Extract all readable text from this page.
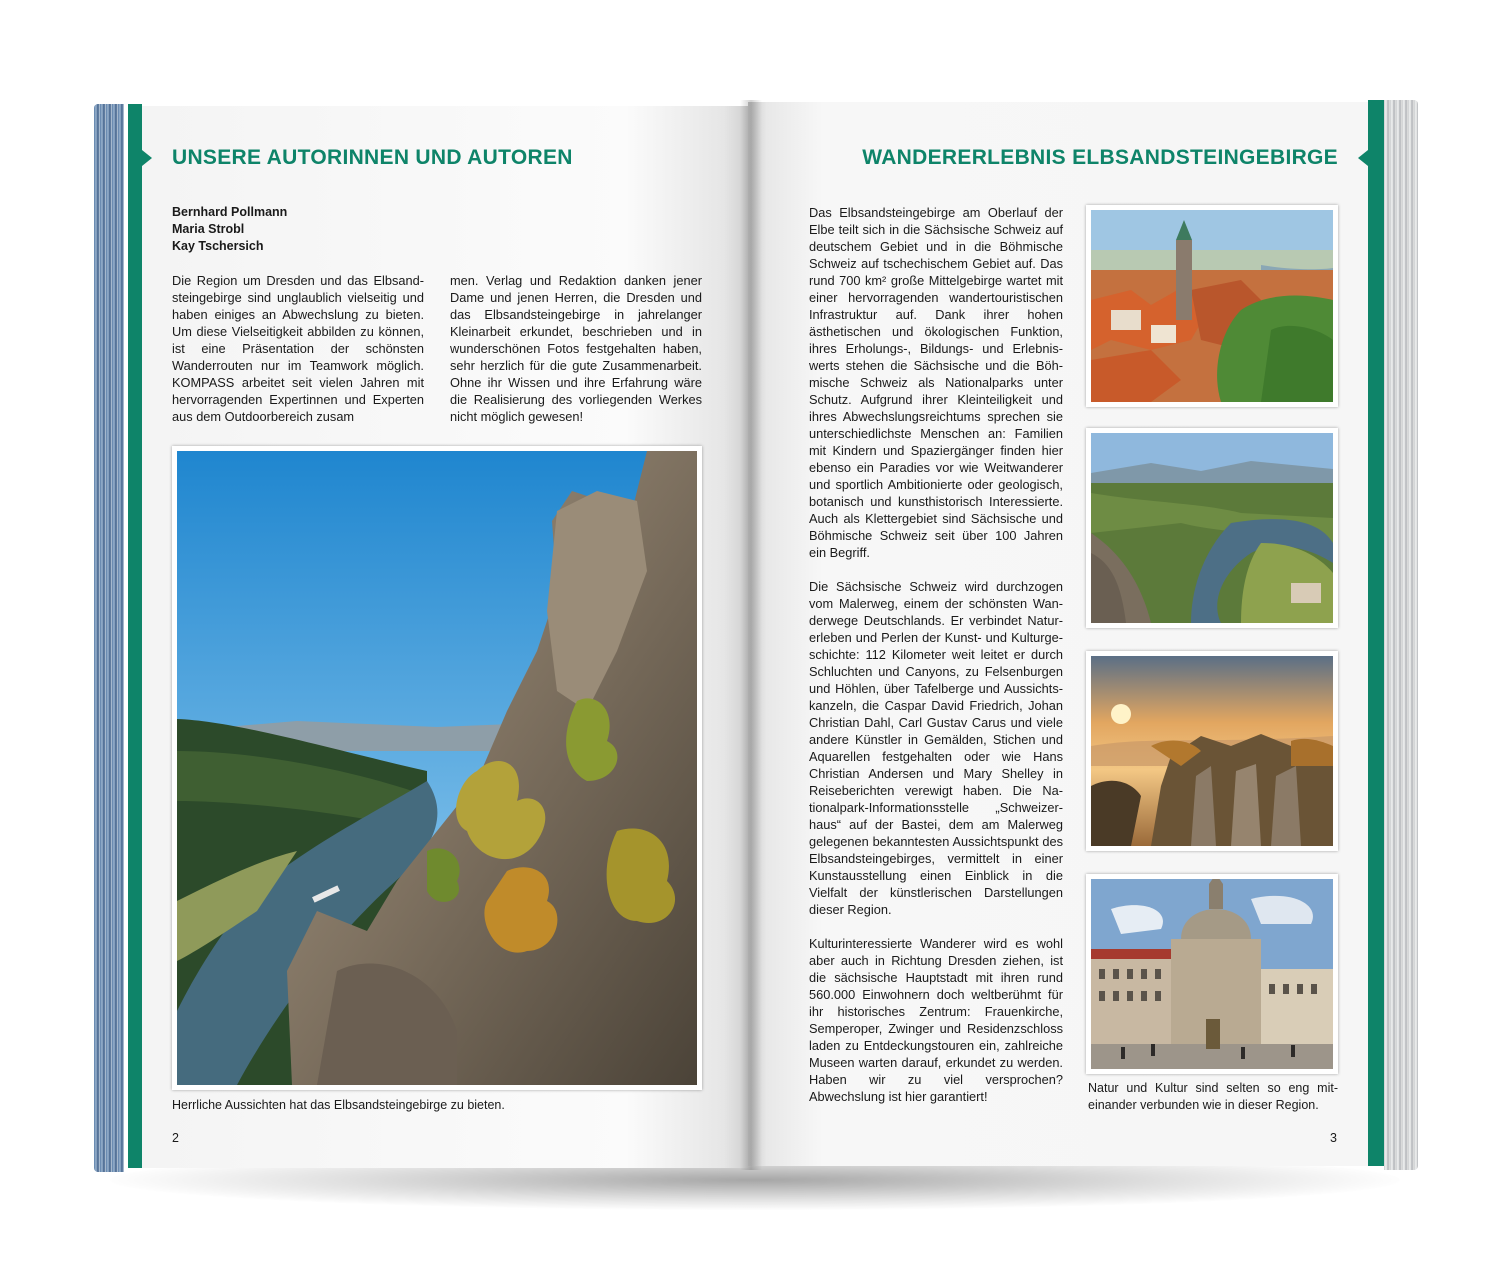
UNSERE AUTORINNEN UND AUTOREN
Bernhard Pollmann
Maria Strobl
Kay Tschersich

Die Region um Dresden und das Elbsandsteingebirge sind unglaublich vielseitig und haben einiges an Abwechslung zu bieten. Um diese Vielseitigkeit abbilden zu können, ist eine Präsentation der schönsten Wanderrouten nur im Teamwork möglich. KOMPASS arbeitet seit vielen Jahren mit hervorragenden Expertinnen und Experten aus dem Outdoorbereich zusam

men. Verlag und Redaktion danken jener Dame und jenen Herren, die Dresden und das Elbsandsteingebirge in jahrelanger Kleinarbeit erkundet, beschrieben und in wunderschönen Fotos festgehalten haben, sehr herzlich für die gute Zusammenarbeit. Ohne ihr Wissen und ihre Erfahrung wäre die Realisierung des vorliegenden Werkes nicht möglich gewesen!

Herrliche Aussichten hat das Elbsandsteingebirge zu bieten.
2
WANDERERLEBNIS ELBSANDSTEINGEBIRGE

Das Elbsandsteingebirge am Oberlauf der Elbe teilt sich in die Sächsische Schweiz auf deutschem Gebiet und in die Böhmische Schweiz auf tschechischem Gebiet auf. Das rund 700 km² große Mittelgebirge wartet mit einer hervorragenden wandertouristischen Infrastruktur auf. Dank ihrer hohen ästhetischen und ökologischen Funktion, ihres Erholungs-, Bildungs- und Erlebniswerts stehen die Sächsische und die Böhmische Schweiz als Nationalparks unter Schutz. Aufgrund ihrer Kleinteiligkeit und ihres Abwechslungsreichtums sprechen sie unterschiedlichste Menschen an: Familien mit Kindern und Spaziergänger finden hier ebenso ein Paradies vor wie Weitwanderer und sportlich Ambitionierte oder geologisch, botanisch und kunsthistorisch Interessierte. Auch als Klettergebiet sind Sächsische und Böhmische Schweiz seit über 100 Jahren ein Begriff.

Die Sächsische Schweiz wird durchzogen vom Malerweg, einem der schönsten Wanderwege Deutschlands. Er verbindet Naturerleben und Perlen der Kunst- und Kulturgeschichte: 112 Kilometer weit leitet er durch Schluchten und Canyons, zu Felsenburgen und Höhlen, über Tafelberge und Aussichtskanzeln, die Caspar David Friedrich, Johan Christian Dahl, Carl Gustav Carus und viele andere Künstler in Gemälden, Stichen und Aquarellen festgehalten oder wie Hans Christian Andersen und Mary Shelley in Reiseberichten verewigt haben. Die Nationalpark-Informationsstelle „Schweizerhaus“ auf der Bastei, dem am Malerweg gelegenen bekanntesten Aussichtspunkt des Elbsandsteingebirges, vermittelt in einer Kunstausstellung einen Einblick in die Vielfalt der künstlerischen Darstellungen dieser Region.

Kulturinteressierte Wanderer wird es wohl aber auch in Richtung Dresden ziehen, ist die sächsische Hauptstadt mit ihren rund 560.000 Einwohnern doch weltberühmt für ihr historisches Zentrum: Frauenkirche, Semperoper, Zwinger und Residenzschloss laden zu Entdeckungstouren ein, zahlreiche Museen warten darauf, erkundet zu werden. Haben wir zu viel versprochen? Abwechslung ist hier garantiert!

Natur und Kultur sind selten so eng miteinander verbunden wie in dieser Region.
3
